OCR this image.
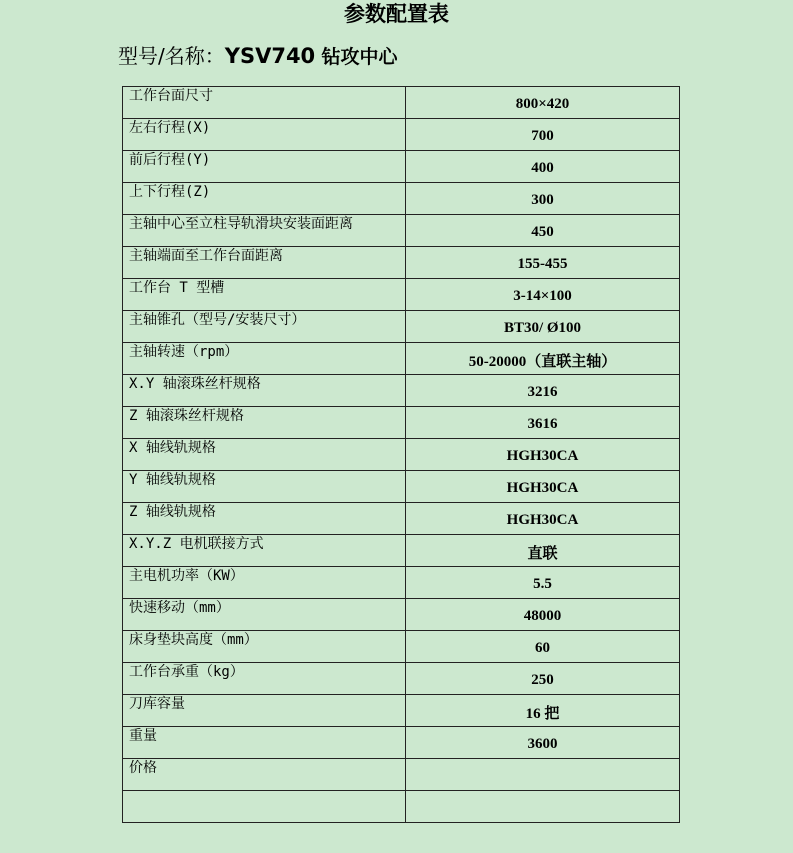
参数配置表
型号/名称：YSV740 钻攻中心
工作台面尺寸	800×420
左右行程(X)	700
前后行程(Y)	400
上下行程(Z)	300
主轴中心至立柱导轨滑块安装面距离	450
主轴端面至工作台面距离	155-455
工作台 T 型槽	3-14×100
主轴锥孔（型号/安装尺寸）	BT30/ Ø100
主轴转速（rpm）	50-20000（直联主轴）
X.Y 轴滚珠丝杆规格	3216
Z 轴滚珠丝杆规格	3616
X 轴线轨规格	HGH30CA
Y 轴线轨规格	HGH30CA
Z 轴线轨规格	HGH30CA
X.Y.Z 电机联接方式	直联
主电机功率（KW）	5.5
快速移动（mm）	48000
床身垫块高度（mm）	60
工作台承重（kg）	250
刀库容量	16 把
重量	3600
价格	
